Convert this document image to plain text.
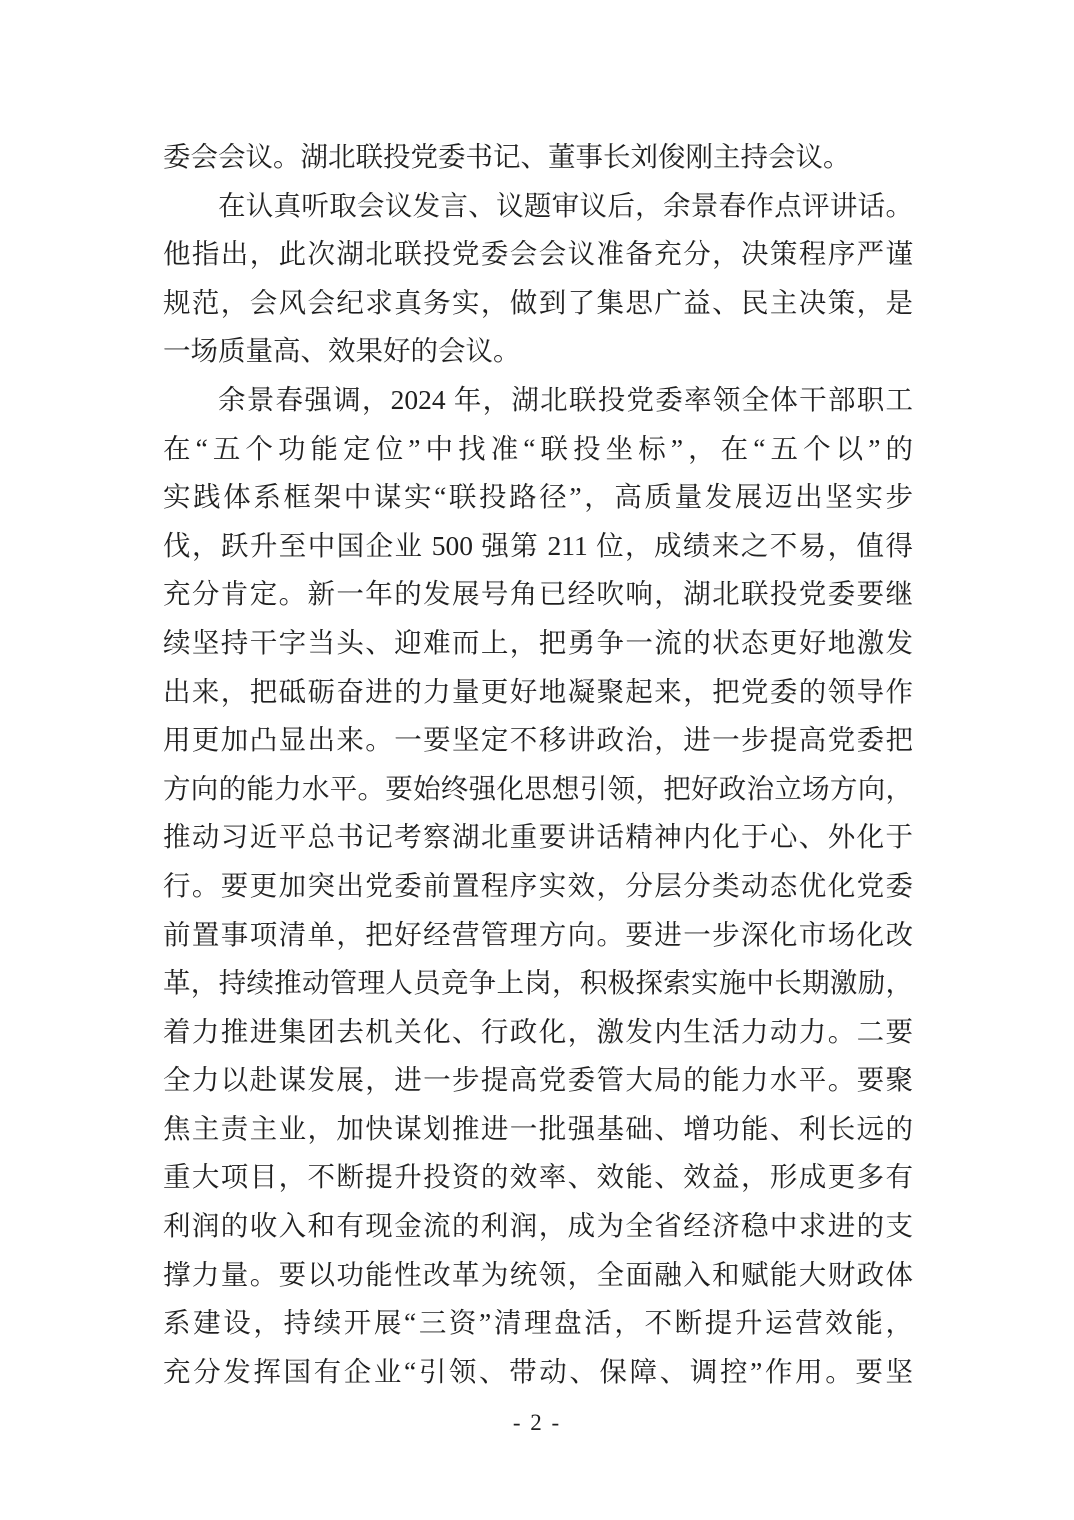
委会会议。湖北联投党委书记、董事长刘俊刚主持会议。
在认真听取会议发言、议题审议后，余景春作点评讲话。
他指出，此次湖北联投党委会会议准备充分，决策程序严谨
规范，会风会纪求真务实，做到了集思广益、民主决策，是
一场质量高、效果好的会议。
余景春强调，2024 年，湖北联投党委率领全体干部职工
在“五个功能定位”中找准“联投坐标”，在“五个以”的
实践体系框架中谋实“联投路径”，高质量发展迈出坚实步
伐，跃升至中国企业 500 强第 211 位，成绩来之不易，值得
充分肯定。新一年的发展号角已经吹响，湖北联投党委要继
续坚持干字当头、迎难而上，把勇争一流的状态更好地激发
出来，把砥砺奋进的力量更好地凝聚起来，把党委的领导作
用更加凸显出来。一要坚定不移讲政治，进一步提高党委把
方向的能力水平。要始终强化思想引领，把好政治立场方向，
推动习近平总书记考察湖北重要讲话精神内化于心、外化于
行。要更加突出党委前置程序实效，分层分类动态优化党委
前置事项清单，把好经营管理方向。要进一步深化市场化改
革，持续推动管理人员竞争上岗，积极探索实施中长期激励，
着力推进集团去机关化、行政化，激发内生活力动力。二要
全力以赴谋发展，进一步提高党委管大局的能力水平。要聚
焦主责主业，加快谋划推进一批强基础、增功能、利长远的
重大项目，不断提升投资的效率、效能、效益，形成更多有
利润的收入和有现金流的利润，成为全省经济稳中求进的支
撑力量。要以功能性改革为统领，全面融入和赋能大财政体
系建设，持续开展“三资”清理盘活，不断提升运营效能，
充分发挥国有企业“引领、带动、保障、调控”作用。要坚
- 2 -
